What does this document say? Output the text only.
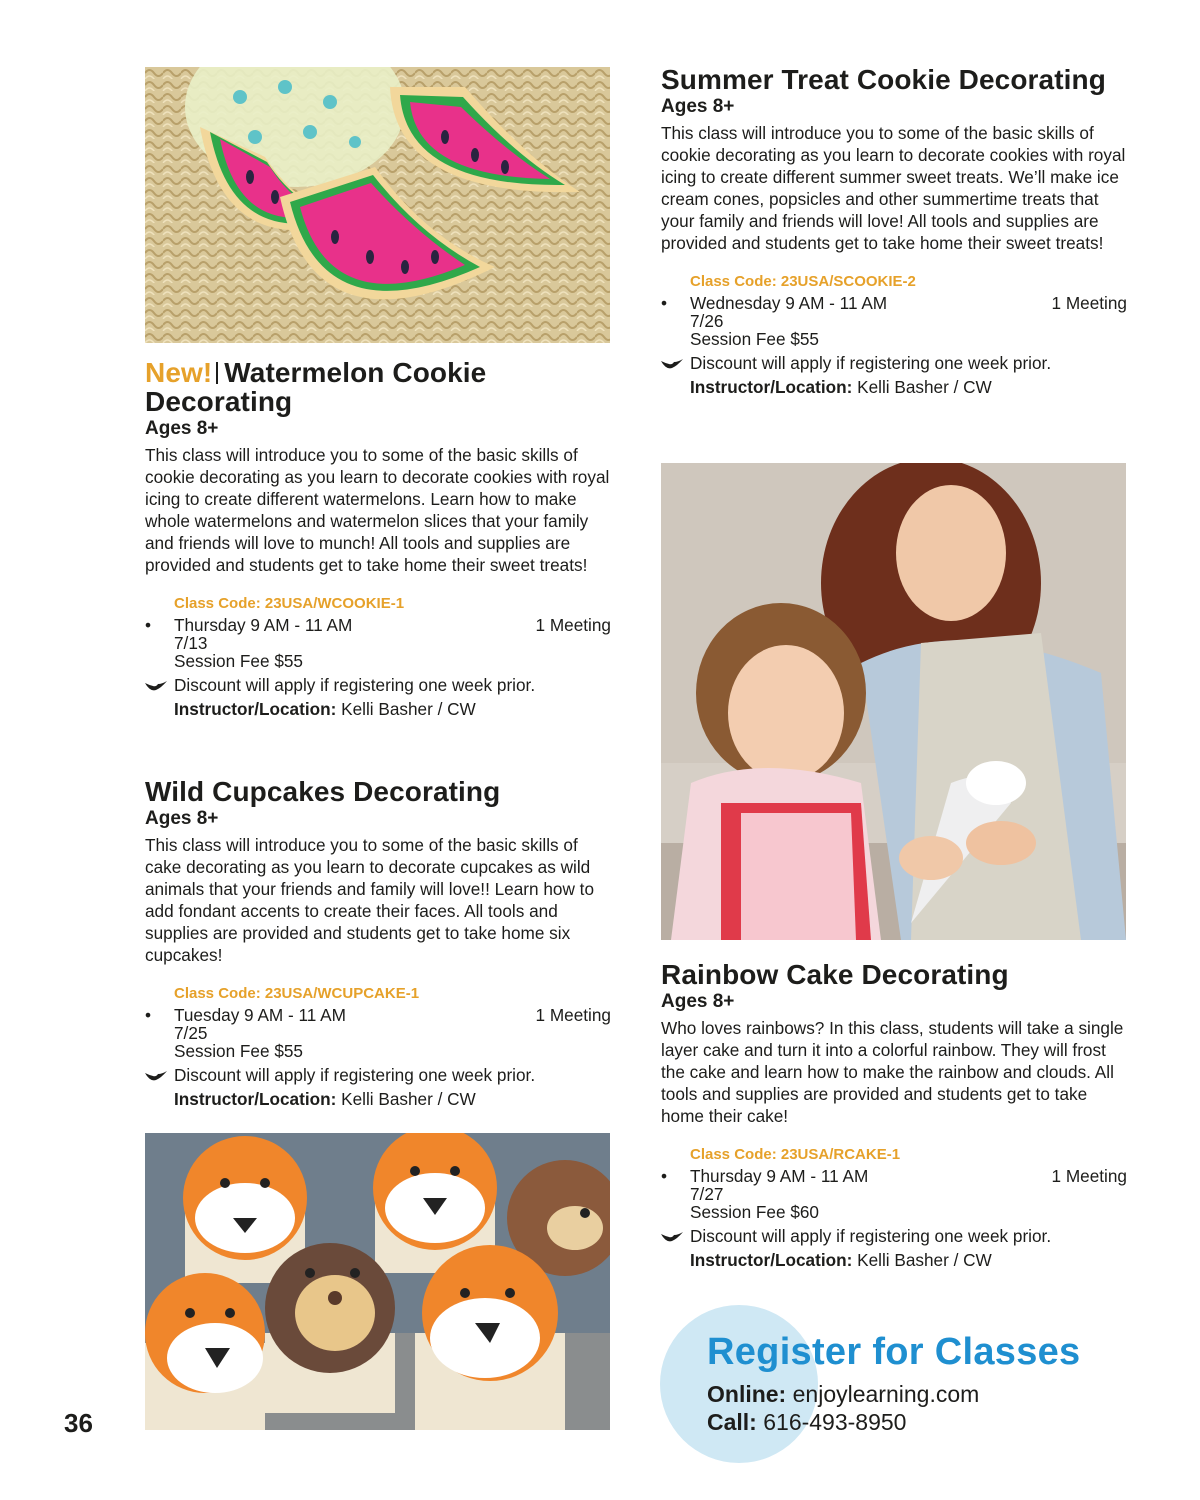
New! Watermelon Cookie
Decorating
Ages 8+
This class will introduce you to some of the basic skills of cookie decorating as you learn to decorate cookies with royal icing to create different watermelons. Learn how to make whole watermelons and watermelon slices that your family and friends will love to munch! All tools and supplies are provided and students get to take home their sweet treats!
Class Code: 23USA/WCOOKIE-1
•	Thursday 9 AM - 11 AM	1 Meeting
7/13
Session Fee $55
Discount will apply if registering one week prior.
Instructor/Location: Kelli Basher / CW
Wild Cupcakes Decorating
Ages 8+
This class will introduce you to some of the basic skills of cake decorating as you learn to decorate cupcakes as wild animals that your friends and family will love!! Learn how to add fondant accents to create their faces. All tools and supplies are provided and students get to take home six cupcakes!
Class Code: 23USA/WCUPCAKE-1
•	Tuesday 9 AM - 11 AM	1 Meeting
7/25
Session Fee $55
Discount will apply if registering one week prior.
Instructor/Location: Kelli Basher / CW
Summer Treat Cookie Decorating
Ages 8+
This class will introduce you to some of the basic skills of cookie decorating as you learn to decorate cookies with royal icing to create different summer sweet treats. We’ll make ice cream cones, popsicles and other summertime treats that your family and friends will love! All tools and supplies are provided and students get to take home their sweet treats!
Class Code: 23USA/SCOOKIE-2
•	Wednesday 9 AM - 11 AM	1 Meeting
7/26
Session Fee $55
Discount will apply if registering one week prior.
Instructor/Location: Kelli Basher / CW
Rainbow Cake Decorating
Ages 8+
Who loves rainbows? In this class, students will take a single layer cake and turn it into a colorful rainbow. They will frost the cake and learn how to make the rainbow and clouds. All tools and supplies are provided and students get to take home their cake!
Class Code: 23USA/RCAKE-1
•	Thursday 9 AM - 11 AM	1 Meeting
7/27
Session Fee $60
Discount will apply if registering one week prior.
Instructor/Location: Kelli Basher / CW
Register for Classes
Online: enjoylearning.com
Call: 616-493-8950
36
